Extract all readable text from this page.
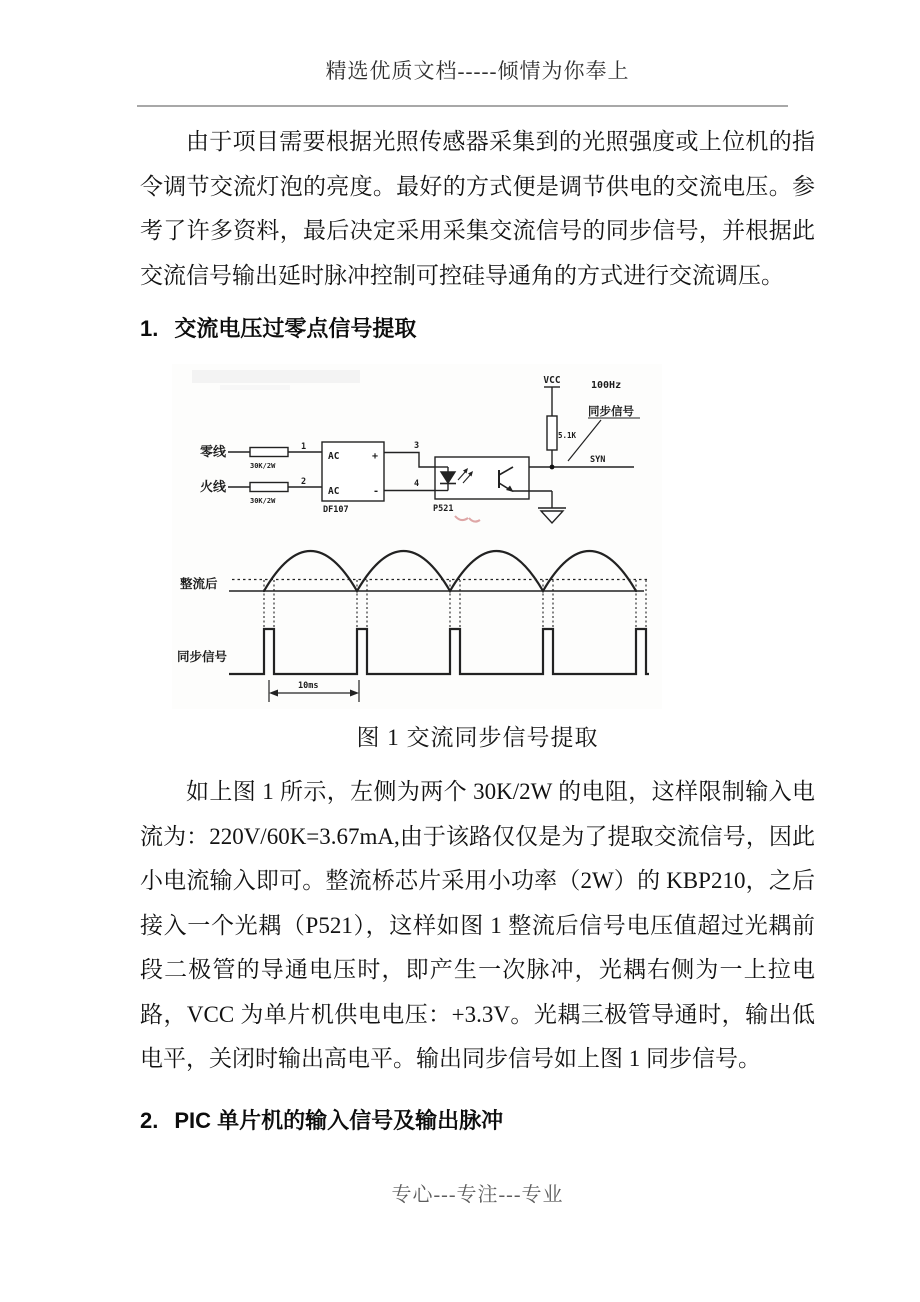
精选优质文档-----倾情为你奉上

由于项目需要根据光照传感器采集到的光照强度或上位机的指令调节交流灯泡的亮度。最好的方式便是调节供电的交流电压。参考了许多资料，最后决定采用采集交流信号的同步信号，并根据此交流信号输出延时脉冲控制可控硅导通角的方式进行交流调压。

1. 交流电压过零点信号提取
VCC	100Hz
同步信号
5.1K
SYN
零线
火线
30K/2W
30K/2W
1
2
AC	+
AC	-
DF107
3
4
P521
整流后
同步信号
10ms
图 1 交流同步信号提取

如上图 1 所示，左侧为两个 30K/2W 的电阻，这样限制输入电流为：220V/60K=3.67mA,由于该路仅仅是为了提取交流信号，因此小电流输入即可。整流桥芯片采用小功率（2W）的 KBP210，之后接入一个光耦（P521），这样如图 1 整流后信号电压值超过光耦前段二极管的导通电压时，即产生一次脉冲，光耦右侧为一上拉电路，VCC 为单片机供电电压：+3.3V。光耦三极管导通时，输出低电平，关闭时输出高电平。输出同步信号如上图 1 同步信号。

2. PIC 单片机的输入信号及输出脉冲
专心---专注---专业
